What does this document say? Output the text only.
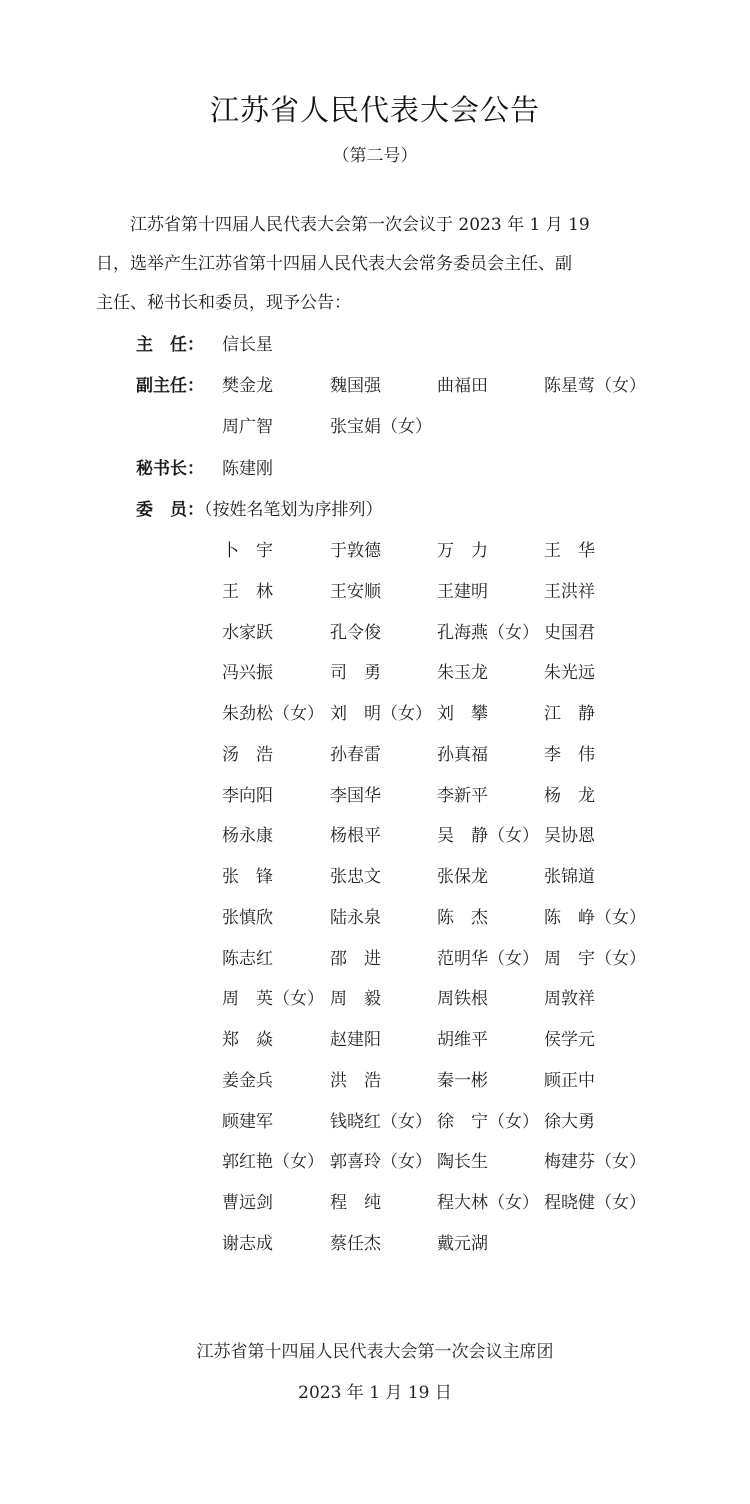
江苏省人民代表大会公告
（第二号）
江苏省第十四届人民代表大会第一次会议于 2023 年 1 月 19
日，选举产生江苏省第十四届人民代表大会常务委员会主任、副
主任、秘书长和委员，现予公告：
主　任： 信长星
副主任： 樊金龙	魏国强	曲福田	陈星莺（女）
周广智	张宝娟（女）
秘书长： 陈建刚
委　员：（按姓名笔划为序排列）
卜　宇	于敦德	万　力	王　华
王　林	王安顺	王建明	王洪祥
水家跃	孔令俊	孔海燕（女） 史国君
冯兴振	司　勇	朱玉龙	朱光远
朱劲松（女） 刘　明（女） 刘　攀	江　静
汤　浩	孙春雷	孙真福	李　伟
李向阳	李国华	李新平	杨　龙
杨永康	杨根平	吴　静（女） 吴协恩
张　锋	张忠文	张保龙	张锦道
张慎欣	陆永泉	陈　杰	陈　峥（女）
陈志红	邵　进	范明华（女） 周　宇（女）
周　英（女） 周　毅	周铁根	周敦祥
郑　焱	赵建阳	胡维平	侯学元
姜金兵	洪　浩	秦一彬	顾正中
顾建军	钱晓红（女） 徐　宁（女） 徐大勇
郭红艳（女） 郭喜玲（女） 陶长生	梅建芬（女）
曹远剑	程　纯	程大林（女） 程晓健（女）
谢志成	蔡任杰	戴元湖
江苏省第十四届人民代表大会第一次会议主席团
2023 年 1 月 19 日
